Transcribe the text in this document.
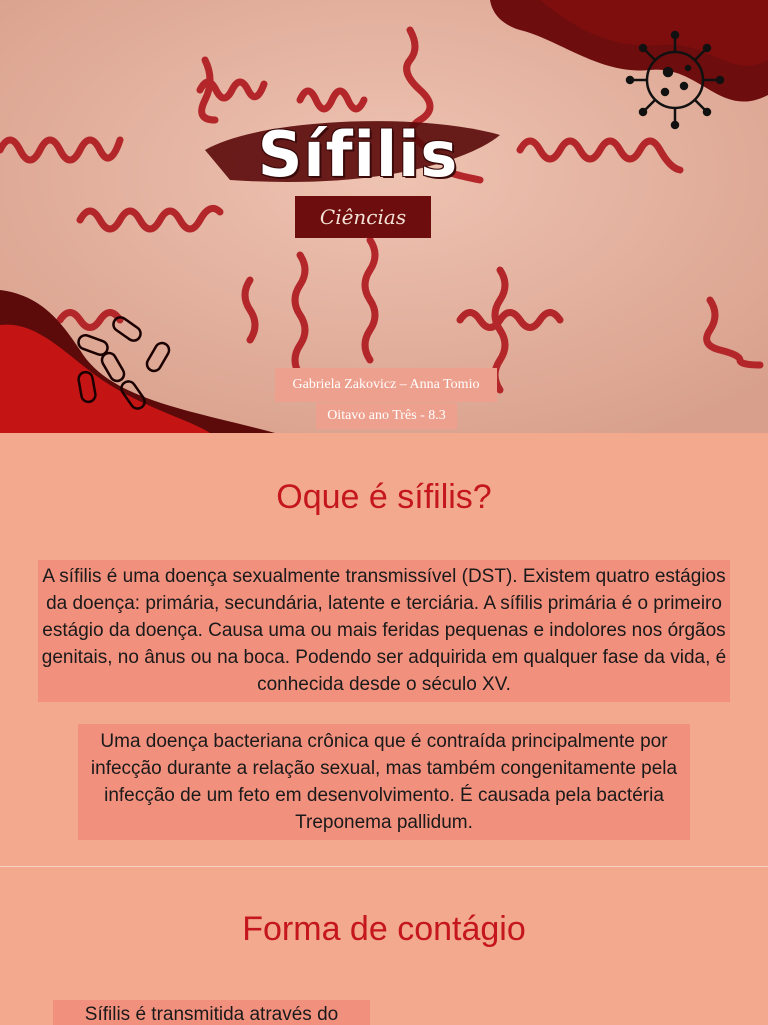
Sífilis
Ciências
Gabriela Zakovicz – Anna Tomio
Oitavo ano Três - 8.3
Oque é sífilis?
A sífilis é uma doença sexualmente transmissível (DST). Existem quatro estágios da doença: primária, secundária, latente e terciária. A sífilis primária é o primeiro estágio da doença. Causa uma ou mais feridas pequenas e indolores nos órgãos genitais, no ânus ou na boca. Podendo ser adquirida em qualquer fase da vida, é conhecida desde o século XV.
Uma doença bacteriana crônica que é contraída principalmente por infecção durante a relação sexual, mas também congenitamente pela infecção de um feto em desenvolvimento. É causada pela bactéria Treponema pallidum.
Forma de contágio
Sífilis é transmitida através do
